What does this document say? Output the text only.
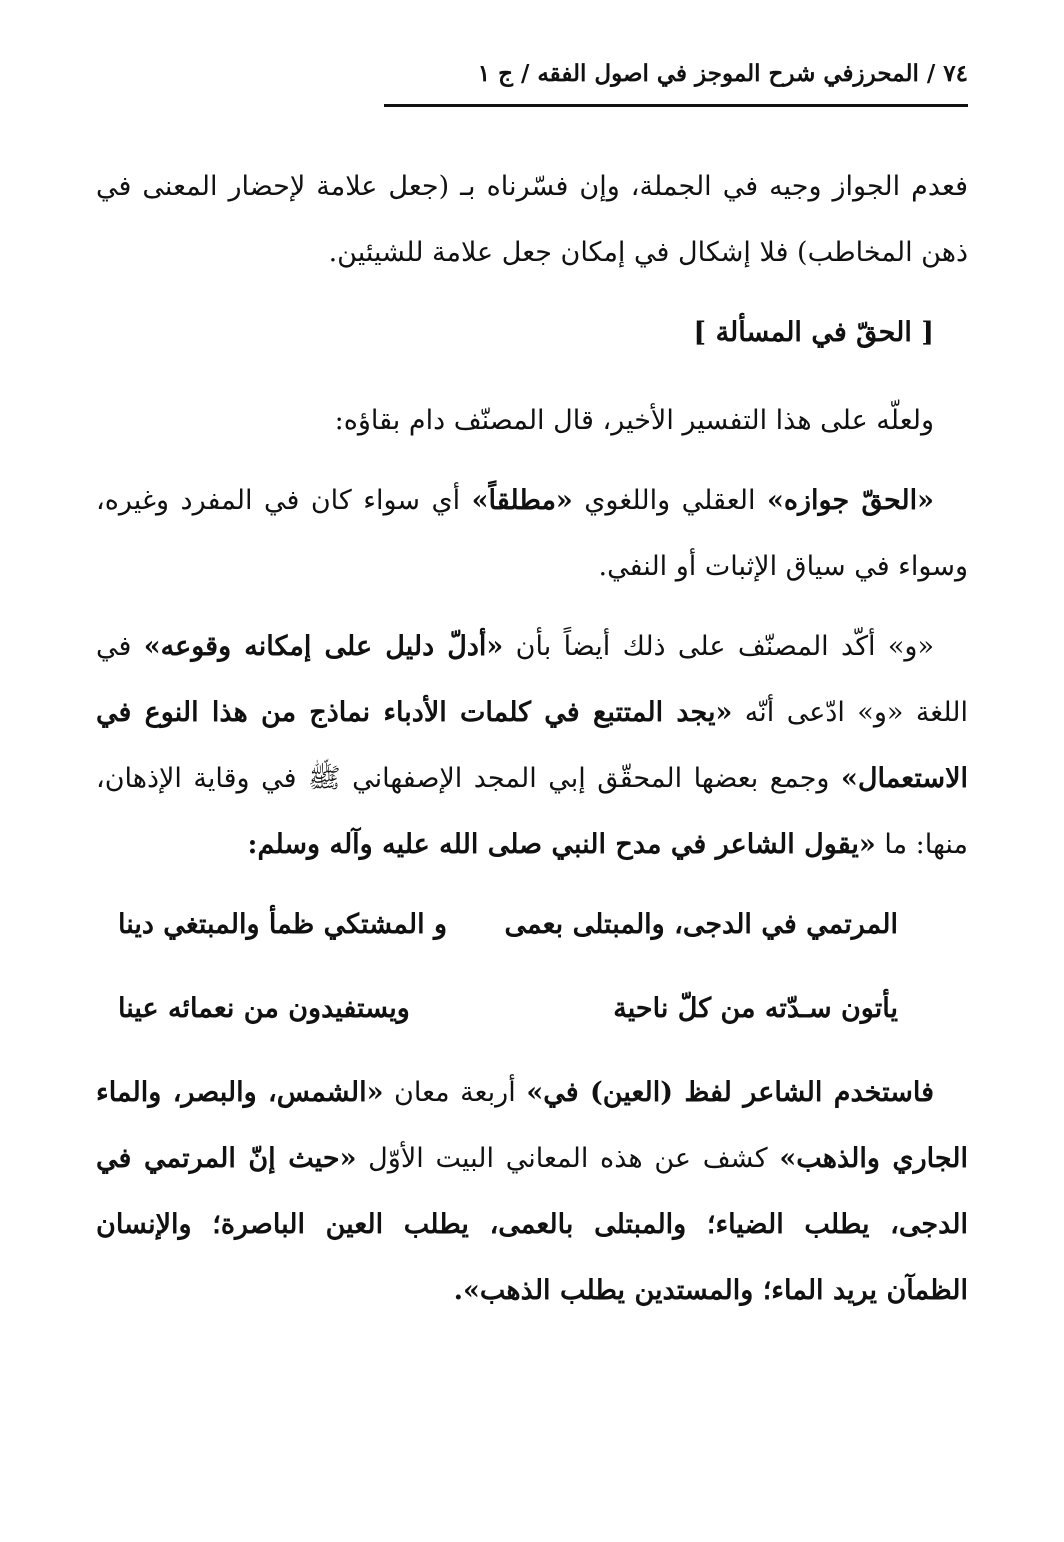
٧٤ / المحرزفي شرح الموجز في اصول الفقه / ج ١

فعدم الجواز وجيه في الجملة، وإن فسّرناه بـ (جعل علامة لإحضار المعنى في ذهن المخاطب) فلا إشكال في إمكان جعل علامة للشيئين.

[ الحقّ في المسألة ]

ولعلّه على هذا التفسير الأخير، قال المصنّف دام بقاؤه:

«الحقّ جوازه» العقلي واللغوي «مطلقاً» أي سواء كان في المفرد وغيره، وسواء في سياق الإثبات أو النفي.

«و» أكّد المصنّف على ذلك أيضاً بأن «أدلّ دليل على إمكانه وقوعه» في اللغة «و» ادّعى أنّه «يجد المتتبع في كلمات الأدباء نماذج من هذا النوع في الاستعمال» وجمع بعضها المحقّق إبي المجد الإصفهاني ﷺ في وقاية الإذهان، منها: ما «يقول الشاعر في مدح النبي صلى الله عليه وآله وسلم:

المرتمي في الدجى، والمبتلى بعمى
و المشتكي ظمأ والمبتغي دينا
يأتون سـدّته من كلّ ناحية
ويستفيدون من نعمائه عينا

فاستخدم الشاعر لفظ (العين) في» أربعة معان «الشمس، والبصر، والماء الجاري والذهب» كشف عن هذه المعاني البيت الأوّل «حيث إنّ المرتمي في الدجى، يطلب الضياء؛ والمبتلى بالعمى، يطلب العين الباصرة؛ والإنسان الظمآن يريد الماء؛ والمستدين يطلب الذهب».
